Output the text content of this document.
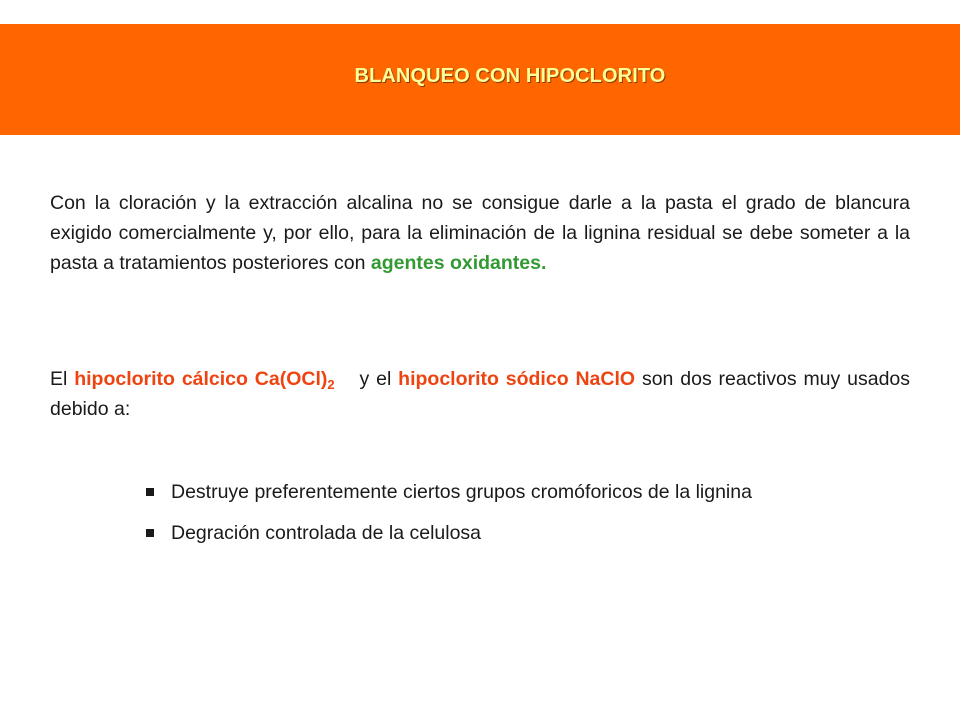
BLANQUEO CON HIPOCLORITO

Con la cloración y la extracción alcalina no se consigue darle a la pasta el grado de blancura exigido comercialmente y, por ello, para la eliminación de la lignina residual se debe someter a la pasta a tratamientos posteriores con agentes oxidantes.

El hipoclorito cálcico $Ca(OCl)_2$ y el hipoclorito sódico NaClO son dos reactivos muy usados debido a:

Destruye preferentemente ciertos grupos cromóforicos de la lignina
Degración controlada de la celulosa
